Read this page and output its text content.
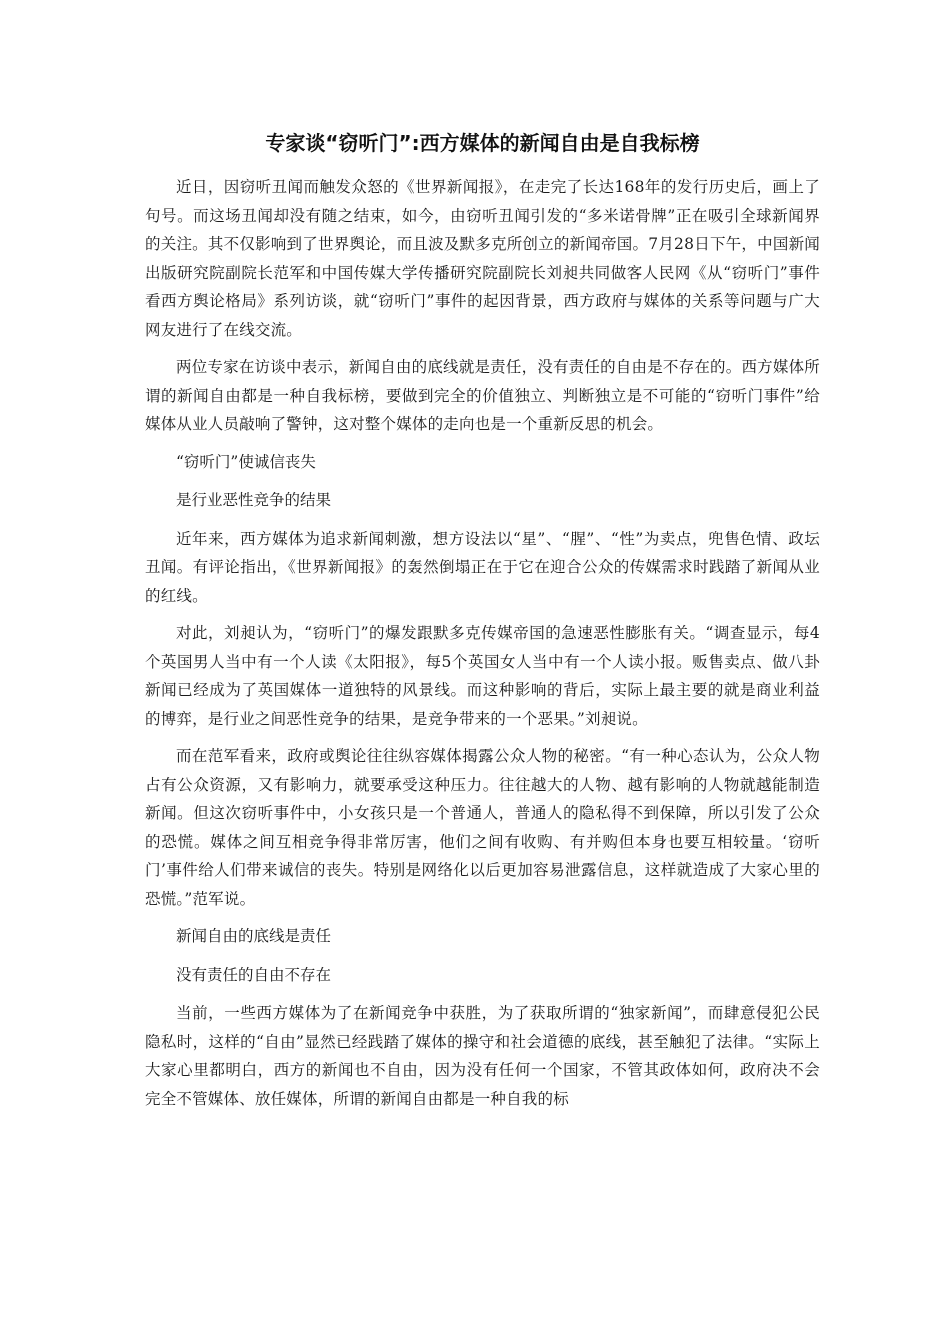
专家谈“窃听门”:西方媒体的新闻自由是自我标榜

近日，因窃听丑闻而触发众怒的《世界新闻报》，在走完了长达168年的发行历史后，画上了句号。而这场丑闻却没有随之结束，如今，由窃听丑闻引发的“多米诺骨牌”正在吸引全球新闻界的关注。其不仅影响到了世界舆论，而且波及默多克所创立的新闻帝国。7月28日下午，中国新闻出版研究院副院长范军和中国传媒大学传播研究院副院长刘昶共同做客人民网《从“窃听门”事件看西方舆论格局》系列访谈，就“窃听门”事件的起因背景，西方政府与媒体的关系等问题与广大网友进行了在线交流。

两位专家在访谈中表示，新闻自由的底线就是责任，没有责任的自由是不存在的。西方媒体所谓的新闻自由都是一种自我标榜，要做到完全的价值独立、判断独立是不可能的“窃听门事件”给媒体从业人员敲响了警钟，这对整个媒体的走向也是一个重新反思的机会。

“窃听门”使诚信丧失

是行业恶性竞争的结果

近年来，西方媒体为追求新闻刺激，想方设法以“星”、“腥”、“性”为卖点，兜售色情、政坛丑闻。有评论指出，《世界新闻报》的轰然倒塌正在于它在迎合公众的传媒需求时践踏了新闻从业的红线。

对此，刘昶认为，“窃听门”的爆发跟默多克传媒帝国的急速恶性膨胀有关。“调查显示，每4个英国男人当中有一个人读《太阳报》，每5个英国女人当中有一个人读小报。贩售卖点、做八卦新闻已经成为了英国媒体一道独特的风景线。而这种影响的背后，实际上最主要的就是商业利益的博弈，是行业之间恶性竞争的结果，是竞争带来的一个恶果。”刘昶说。

而在范军看来，政府或舆论往往纵容媒体揭露公众人物的秘密。“有一种心态认为，公众人物占有公众资源，又有影响力，就要承受这种压力。往往越大的人物、越有影响的人物就越能制造新闻。但这次窃听事件中，小女孩只是一个普通人，普通人的隐私得不到保障，所以引发了公众的恐慌。媒体之间互相竞争得非常厉害，他们之间有收购、有并购但本身也要互相较量。‘窃听门’事件给人们带来诚信的丧失。特别是网络化以后更加容易泄露信息，这样就造成了大家心里的恐慌。”范军说。

新闻自由的底线是责任

没有责任的自由不存在

当前，一些西方媒体为了在新闻竞争中获胜，为了获取所谓的“独家新闻”，而肆意侵犯公民隐私时，这样的“自由”显然已经践踏了媒体的操守和社会道德的底线，甚至触犯了法律。“实际上大家心里都明白，西方的新闻也不自由，因为没有任何一个国家，不管其政体如何，政府决不会完全不管媒体、放任媒体，所谓的新闻自由都是一种自我的标
